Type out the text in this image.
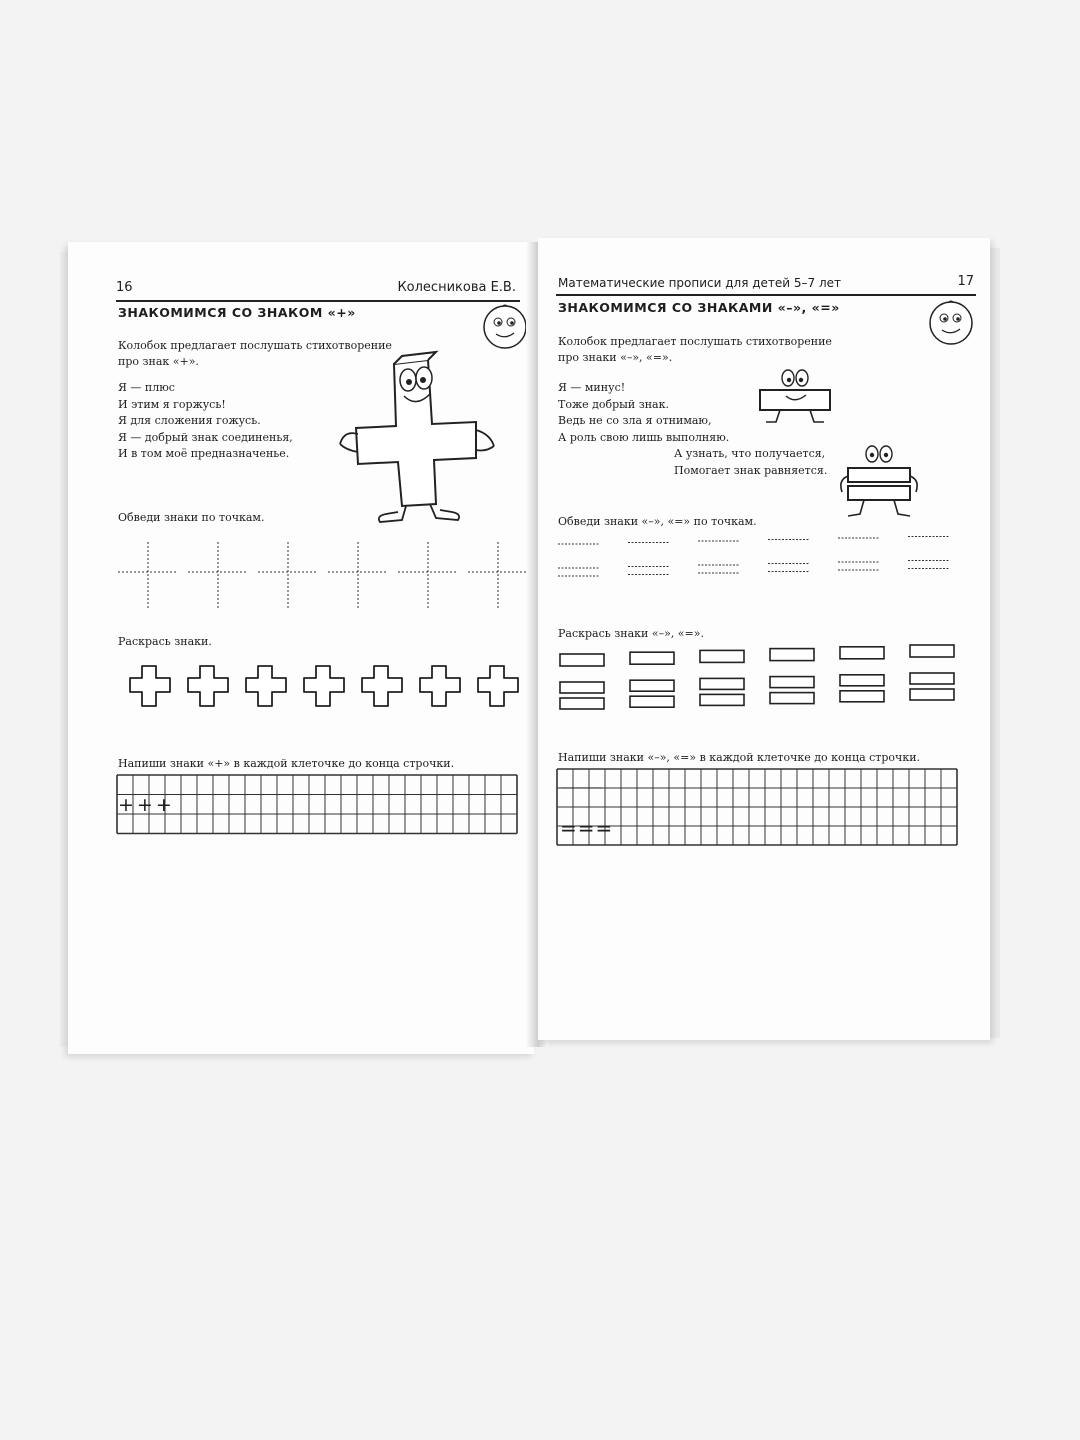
16	Колесникова Е.В.
ЗНАКОМИМСЯ СО ЗНАКОМ «+»
Колобок предлагает послушать стихотворение
про знак «+».
Я — плюс
И этим я горжусь!
Я для сложения гожусь.
Я — добрый знак соединенья,
И в том моё предназначенье.
Обведи знаки по точкам.
Раскрась знаки.
Напиши знаки «+» в каждой клеточке до конца строчки.
+++
Математические прописи для детей 5–7 лет	17
ЗНАКОМИМСЯ СО ЗНАКАМИ «–», «=»
Колобок предлагает послушать стихотворение
про знаки «–», «=».
Я — минус!
Тоже добрый знак.
Ведь не со зла я отнимаю,
А роль свою лишь выполняю.
А узнать, что получается,
Помогает знак равняется.
Обведи знаки «–», «=» по точкам.
Раскрась знаки «–», «=».
Напиши знаки «–», «=» в каждой клеточке до конца строчки.
———
===
